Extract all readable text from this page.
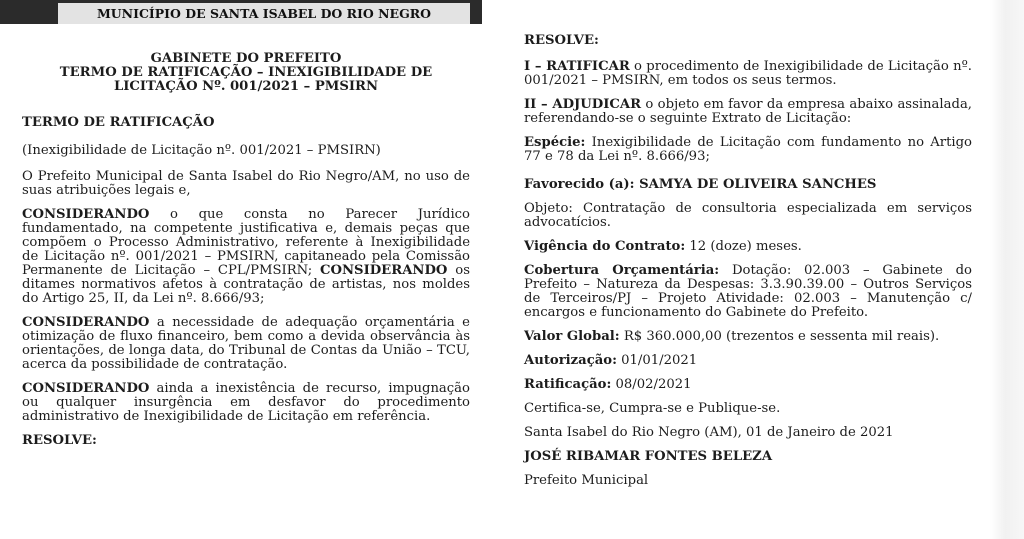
MUNICÍPIO DE SANTA ISABEL DO RIO NEGRO

GABINETE DO PREFEITO
TERMO DE RATIFICAÇÃO – INEXIGIBILIDADE DE
LICITAÇÃO Nº. 001/2021 – PMSIRN

TERMO DE RATIFICAÇÃO

(Inexigibilidade de Licitação nº. 001/2021 – PMSIRN)

O Prefeito Municipal de Santa Isabel do Rio Negro/AM, no uso de suas atribuições legais e,

CONSIDERANDO o que consta no Parecer Jurídico fundamentado, na competente justificativa e, demais peças que compõem o Processo Administrativo, referente à Inexigibilidade de Licitação nº. 001/2021 – PMSIRN, capitaneado pela Comissão Permanente de Licitação – CPL/PMSIRN; CONSIDERANDO os ditames normativos afetos à contratação de artistas, nos moldes do Artigo 25, II, da Lei nº. 8.666/93;

CONSIDERANDO a necessidade de adequação orçamentária e otimização de fluxo financeiro, bem como a devida observância às orientações, de longa data, do Tribunal de Contas da União – TCU, acerca da possibilidade de contratação.

CONSIDERANDO ainda a inexistência de recurso, impugnação ou qualquer insurgência em desfavor do procedimento administrativo de Inexigibilidade de Licitação em referência.

RESOLVE:

RESOLVE:

I – RATIFICAR o procedimento de Inexigibilidade de Licitação nº. 001/2021 – PMSIRN, em todos os seus termos.

II – ADJUDICAR o objeto em favor da empresa abaixo assinalada, referendando-se o seguinte Extrato de Licitação:

Espécie: Inexigibilidade de Licitação com fundamento no Artigo 77 e 78 da Lei nº. 8.666/93;

Favorecido (a): SAMYA DE OLIVEIRA SANCHES

Objeto: Contratação de consultoria especializada em serviços advocatícios.

Vigência do Contrato: 12 (doze) meses.

Cobertura Orçamentária: Dotação: 02.003 – Gabinete do Prefeito – Natureza da Despesas: 3.3.90.39.00 – Outros Serviços de Terceiros/PJ – Projeto Atividade: 02.003 – Manutenção c/ encargos e funcionamento do Gabinete do Prefeito.

Valor Global: R$ 360.000,00 (trezentos e sessenta mil reais).

Autorização: 01/01/2021

Ratificação: 08/02/2021

Certifica-se, Cumpra-se e Publique-se.

Santa Isabel do Rio Negro (AM), 01 de Janeiro de 2021

JOSÉ RIBAMAR FONTES BELEZA

Prefeito Municipal
